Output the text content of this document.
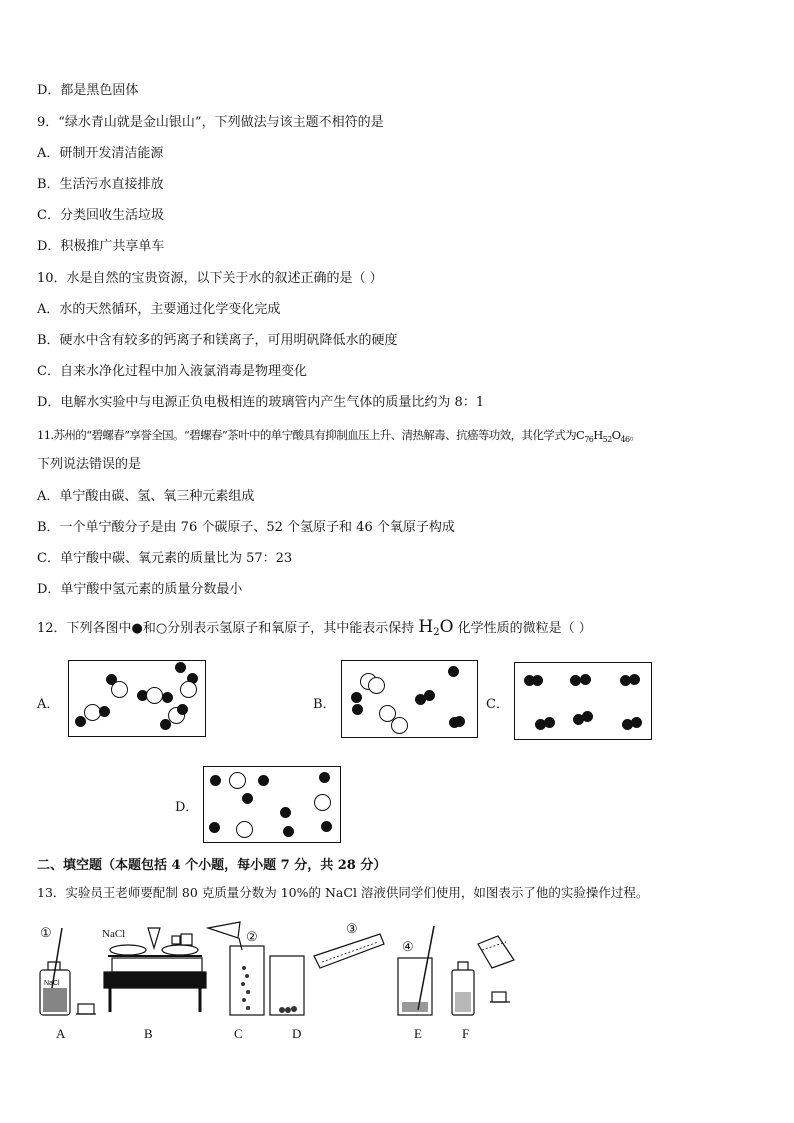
D．都是黑色固体
9．“绿水青山就是金山银山”，下列做法与该主题不相符的是
A．研制开发清洁能源
B．生活污水直接排放
C．分类回收生活垃圾
D．积极推广共享单车
10．水是自然的宝贵资源，以下关于水的叙述正确的是（ ）
A．水的天然循环，主要通过化学变化完成
B．硬水中含有较多的钙离子和镁离子，可用明矾降低水的硬度
C．自来水净化过程中加入液氯消毒是物理变化
D．电解水实验中与电源正负电极相连的玻璃管内产生气体的质量比约为 8：1
11.苏州的“碧螺春”享誉全国。“碧螺春”茶叶中的单宁酸具有抑制血压上升、清热解毒、抗癌等功效，其化学式为$C_{76}H_{52}O_{46}$。
下列说法错误的是
A．单宁酸由碳、氢、氧三种元素组成
B．一个单宁酸分子是由 76 个碳原子、52 个氢原子和 46 个氧原子构成
C．单宁酸中碳、氧元素的质量比为 57：23
D．单宁酸中氢元素的质量分数最小
12．下列各图中●和○分别表示氢原子和氧原子，其中能表示保持 $H_2O$ 化学性质的微粒是（ ）
A．	B．	C．
D．
二、填空题（本题包括 4 个小题，每小题 7 分，共 28 分）
13．实验员王老师要配制 80 克质量分数为 10%的 NaCl 溶液供同学们使用，如图表示了他的实验操作过程。
①	NaCl
NaCl
②
③
④
A	B	C	D	E	F
